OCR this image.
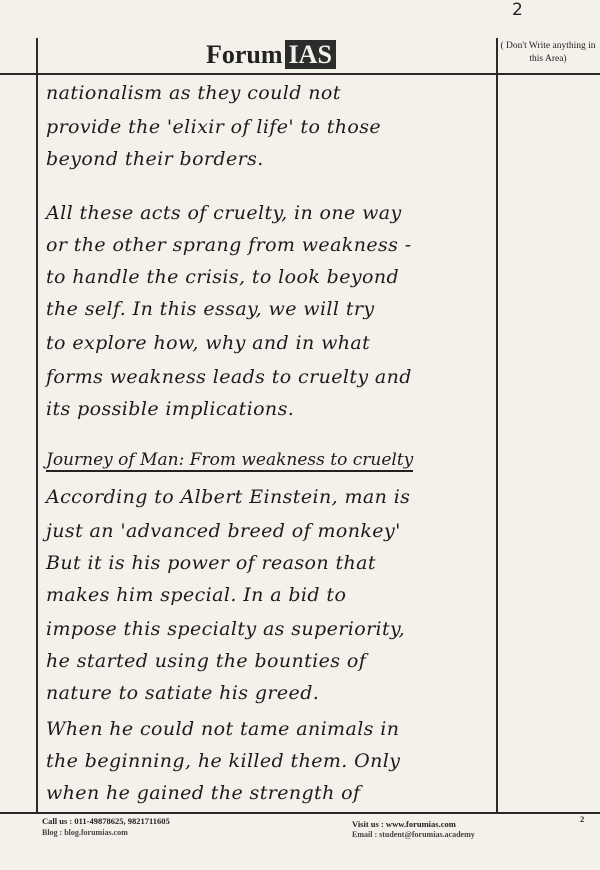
2
Forum IAS	( Don't Write anything in this Area)
nationalism as they could not
provide the 'elixir of life' to those
beyond their borders.
All these acts of cruelty, in one way
or the other sprang from weakness -
to handle the crisis, to look beyond
the self. In this essay, we will try
to explore how, why and in what
forms weakness leads to cruelty and
its possible implications.
Journey of Man: From weakness to cruelty
According to Albert Einstein, man is
just an 'advanced breed of monkey'
But it is his power of reason that
makes him special. In a bid to
impose this specialty as superiority,
he started using the bounties of
nature to satiate his greed.
When he could not tame animals in
the beginning, he killed them. Only
when he gained the strength of
Call us : 011-49878625, 9821711605
Blog : blog.forumias.com
Visit us : www.forumias.com
Email : student@forumias.academy
2
